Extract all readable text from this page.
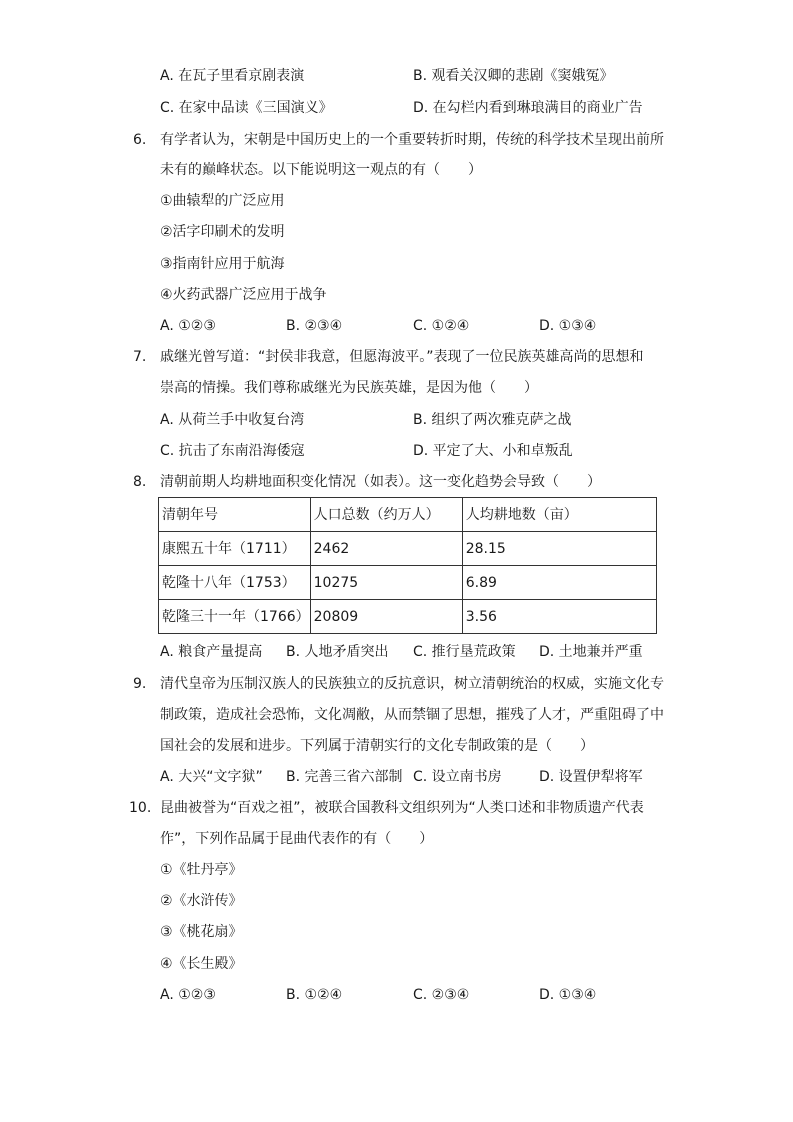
A. 在瓦子里看京剧表演	B. 观看关汉卿的悲剧《窦娥冤》
C. 在家中品读《三国演义》	D. 在勾栏内看到琳琅满目的商业广告
6. 有学者认为，宋朝是中国历史上的一个重要转折时期，传统的科学技术呈现出前所
未有的巅峰状态。以下能说明这一观点的有（　　）
①曲辕犁的广泛应用
②活字印刷术的发明
③指南针应用于航海
④火药武器广泛应用于战争
A. ①②③	B. ②③④	C. ①②④	D. ①③④
7. 戚继光曾写道：“封侯非我意，但愿海波平。”表现了一位民族英雄高尚的思想和
崇高的情操。我们尊称戚继光为民族英雄，是因为他（　　）
A. 从荷兰手中收复台湾	B. 组织了两次雅克萨之战
C. 抗击了东南沿海倭寇	D. 平定了大、小和卓叛乱
8. 清朝前期人均耕地面积变化情况（如表）。这一变化趋势会导致（　　）
清朝年号	人口总数（约万人）	人均耕地数（亩）
康熙五十年（1711）	2462	28.15
乾隆十八年（1753）	10275	6.89
乾隆三十一年（1766）	20809	3.56
A. 粮食产量提高 B. 人地矛盾突出 C. 推行垦荒政策 D. 土地兼并严重
9. 清代皇帝为压制汉族人的民族独立的反抗意识，树立清朝统治的权威，实施文化专
制政策，造成社会恐怖，文化凋敝，从而禁锢了思想，摧残了人才，严重阻碍了中
国社会的发展和进步。下列属于清朝实行的文化专制政策的是（　　）
A. 大兴“文字狱” B. 完善三省六部制 C. 设立南书房	D. 设置伊犁将军
10. 昆曲被誉为“百戏之祖”，被联合国教科文组织列为“人类口述和非物质遗产代表
作”，下列作品属于昆曲代表作的有（　　）
①《牡丹亭》
②《水浒传》
③《桃花扇》
④《长生殿》
A. ①②③	B. ①②④	C. ②③④	D. ①③④
